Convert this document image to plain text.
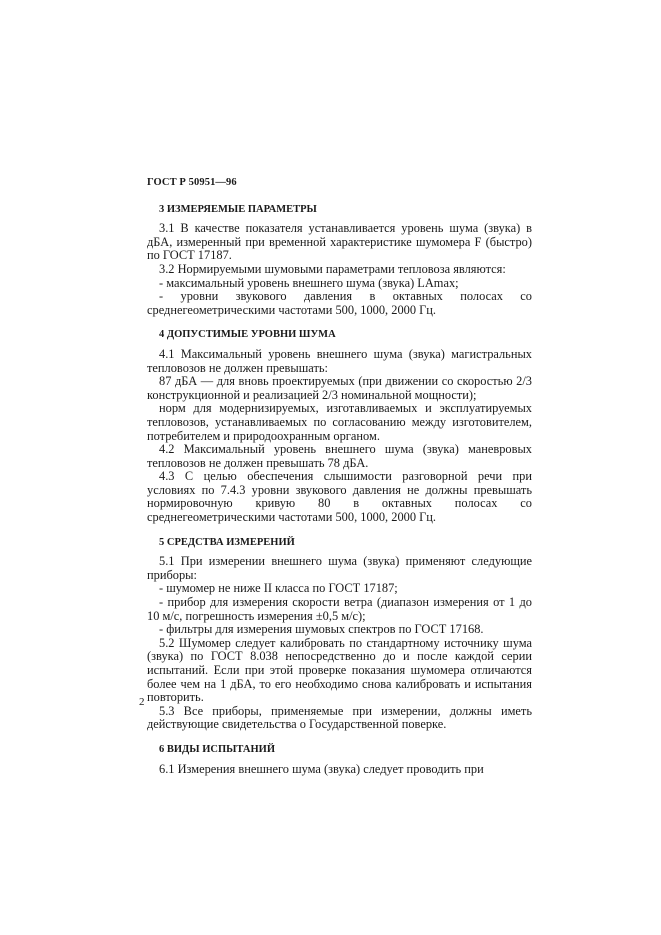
ГОСТ Р 50951—96
3 ИЗМЕРЯЕМЫЕ ПАРАМЕТРЫ

3.1 В качестве показателя устанавливается уровень шума (звука) в дБА, измеренный при временной характеристике шумомера F (быстро) по ГОСТ 17187.

3.2 Нормируемыми шумовыми параметрами тепловоза являются:

- максимальный уровень внешнего шума (звука) LAmax;

- уровни звукового давления в октавных полосах со среднегеометрическими частотами 500, 1000, 2000 Гц.

4 ДОПУСТИМЫЕ УРОВНИ ШУМА

4.1 Максимальный уровень внешнего шума (звука) магистральных тепловозов не должен превышать:

87 дБА — для вновь проектируемых (при движении со скоростью 2/3 конструкционной и реализацией 2/3 номинальной мощности);

норм для модернизируемых, изготавливаемых и эксплуатируемых тепловозов, устанавливаемых по согласованию между изготовителем, потребителем и природоохранным органом.

4.2 Максимальный уровень внешнего шума (звука) маневровых тепловозов не должен превышать 78 дБА.

4.3 С целью обеспечения слышимости разговорной речи при условиях по 7.4.3 уровни звукового давления не должны превышать нормировочную кривую 80 в октавных полосах со среднегеометрическими частотами 500, 1000, 2000 Гц.

5 СРЕДСТВА ИЗМЕРЕНИЙ

5.1 При измерении внешнего шума (звука) применяют следующие приборы:

- шумомер не ниже II класса по ГОСТ 17187;

- прибор для измерения скорости ветра (диапазон измерения от 1 до 10 м/с, погрешность измерения ±0,5 м/с);

- фильтры для измерения шумовых спектров по ГОСТ 17168.

5.2 Шумомер следует калибровать по стандартному источнику шума (звука) по ГОСТ 8.038 непосредственно до и после каждой серии испытаний. Если при этой проверке показания шумомера отличаются более чем на 1 дБА, то его необходимо снова калибровать и испытания повторить.

5.3 Все приборы, применяемые при измерении, должны иметь действующие свидетельства о Государственной поверке.

6 ВИДЫ ИСПЫТАНИЙ

6.1 Измерения внешнего шума (звука) следует проводить при

2
